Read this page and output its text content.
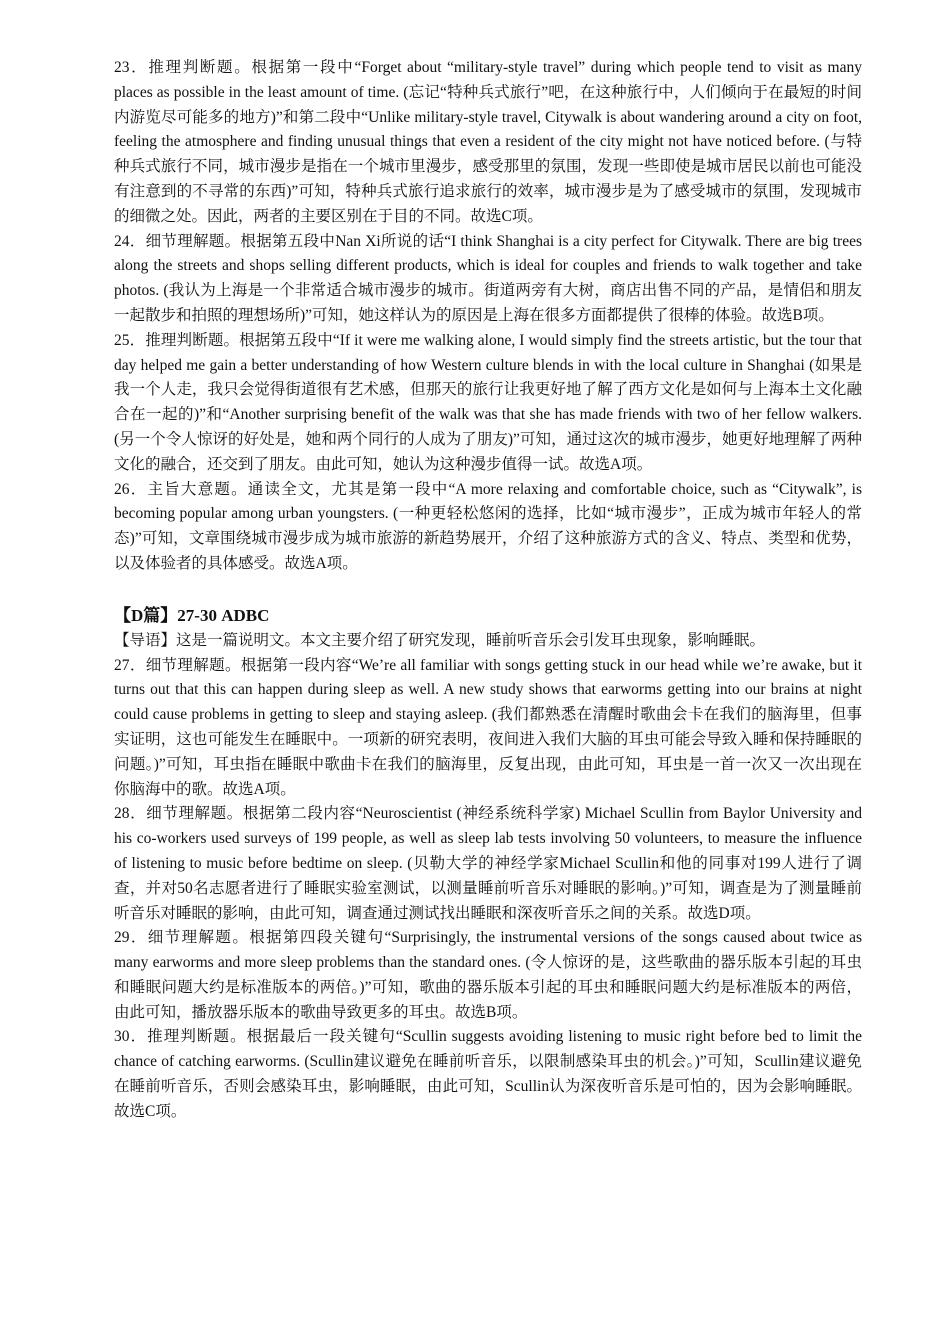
23．推理判断题。根据第一段中“Forget about “military-style travel” during which people tend to visit as many places as possible in the least amount of time. (忘记“特种兵式旅行”吧，在这种旅行中，人们倾向于在最短的时间内游览尽可能多的地方)”和第二段中“Unlike military-style travel, Citywalk is about wandering around a city on foot, feeling the atmosphere and finding unusual things that even a resident of the city might not have noticed before. (与特种兵式旅行不同，城市漫步是指在一个城市里漫步，感受那里的氛围，发现一些即使是城市居民以前也可能没有注意到的不寻常的东西)”可知，特种兵式旅行追求旅行的效率，城市漫步是为了感受城市的氛围，发现城市的细微之处。因此，两者的主要区别在于目的不同。故选C项。

24．细节理解题。根据第五段中Nan Xi所说的话“I think Shanghai is a city perfect for Citywalk. There are big trees along the streets and shops selling different products, which is ideal for couples and friends to walk together and take photos. (我认为上海是一个非常适合城市漫步的城市。街道两旁有大树，商店出售不同的产品，是情侣和朋友一起散步和拍照的理想场所)”可知，她这样认为的原因是上海在很多方面都提供了很棒的体验。故选B项。

25．推理判断题。根据第五段中“If it were me walking alone, I would simply find the streets artistic, but the tour that day helped me gain a better understanding of how Western culture blends in with the local culture in Shanghai (如果是我一个人走，我只会觉得街道很有艺术感，但那天的旅行让我更好地了解了西方文化是如何与上海本土文化融合在一起的)”和“Another surprising benefit of the walk was that she has made friends with two of her fellow walkers. (另一个令人惊讶的好处是，她和两个同行的人成为了朋友)”可知，通过这次的城市漫步，她更好地理解了两种文化的融合，还交到了朋友。由此可知，她认为这种漫步值得一试。故选A项。

26．主旨大意题。通读全文，尤其是第一段中“A more relaxing and comfortable choice, such as “Citywalk”, is becoming popular among urban youngsters. (一种更轻松悠闲的选择，比如“城市漫步”，正成为城市年轻人的常态)”可知，文章围绕城市漫步成为城市旅游的新趋势展开，介绍了这种旅游方式的含义、特点、类型和优势，以及体验者的具体感受。故选A项。

【D篇】27-30 ADBC

【导语】这是一篇说明文。本文主要介绍了研究发现，睡前听音乐会引发耳虫现象，影响睡眠。

27．细节理解题。根据第一段内容“We’re all familiar with songs getting stuck in our head while we’re awake, but it turns out that this can happen during sleep as well. A new study shows that earworms getting into our brains at night could cause problems in getting to sleep and staying asleep. (我们都熟悉在清醒时歌曲会卡在我们的脑海里，但事实证明，这也可能发生在睡眠中。一项新的研究表明，夜间进入我们大脑的耳虫可能会导致入睡和保持睡眠的问题。)”可知，耳虫指在睡眠中歌曲卡在我们的脑海里，反复出现，由此可知，耳虫是一首一次又一次出现在你脑海中的歌。故选A项。

28．细节理解题。根据第二段内容“Neuroscientist (神经系统科学家) Michael Scullin from Baylor University and his co-workers used surveys of 199 people, as well as sleep lab tests involving 50 volunteers, to measure the influence of listening to music before bedtime on sleep. (贝勒大学的神经学家Michael Scullin和他的同事对199人进行了调查，并对50名志愿者进行了睡眠实验室测试，以测量睡前听音乐对睡眠的影响。)”可知，调查是为了测量睡前听音乐对睡眠的影响，由此可知，调查通过测试找出睡眠和深夜听音乐之间的关系。故选D项。

29．细节理解题。根据第四段关键句“Surprisingly, the instrumental versions of the songs caused about twice as many earworms and more sleep problems than the standard ones. (令人惊讶的是，这些歌曲的器乐版本引起的耳虫和睡眠问题大约是标准版本的两倍。)”可知，歌曲的器乐版本引起的耳虫和睡眠问题大约是标准版本的两倍，由此可知，播放器乐版本的歌曲导致更多的耳虫。故选B项。

30．推理判断题。根据最后一段关键句“Scullin suggests avoiding listening to music right before bed to limit the chance of catching earworms. (Scullin建议避免在睡前听音乐，以限制感染耳虫的机会。)”可知，Scullin建议避免在睡前听音乐，否则会感染耳虫，影响睡眠，由此可知，Scullin认为深夜听音乐是可怕的，因为会影响睡眠。故选C项。
